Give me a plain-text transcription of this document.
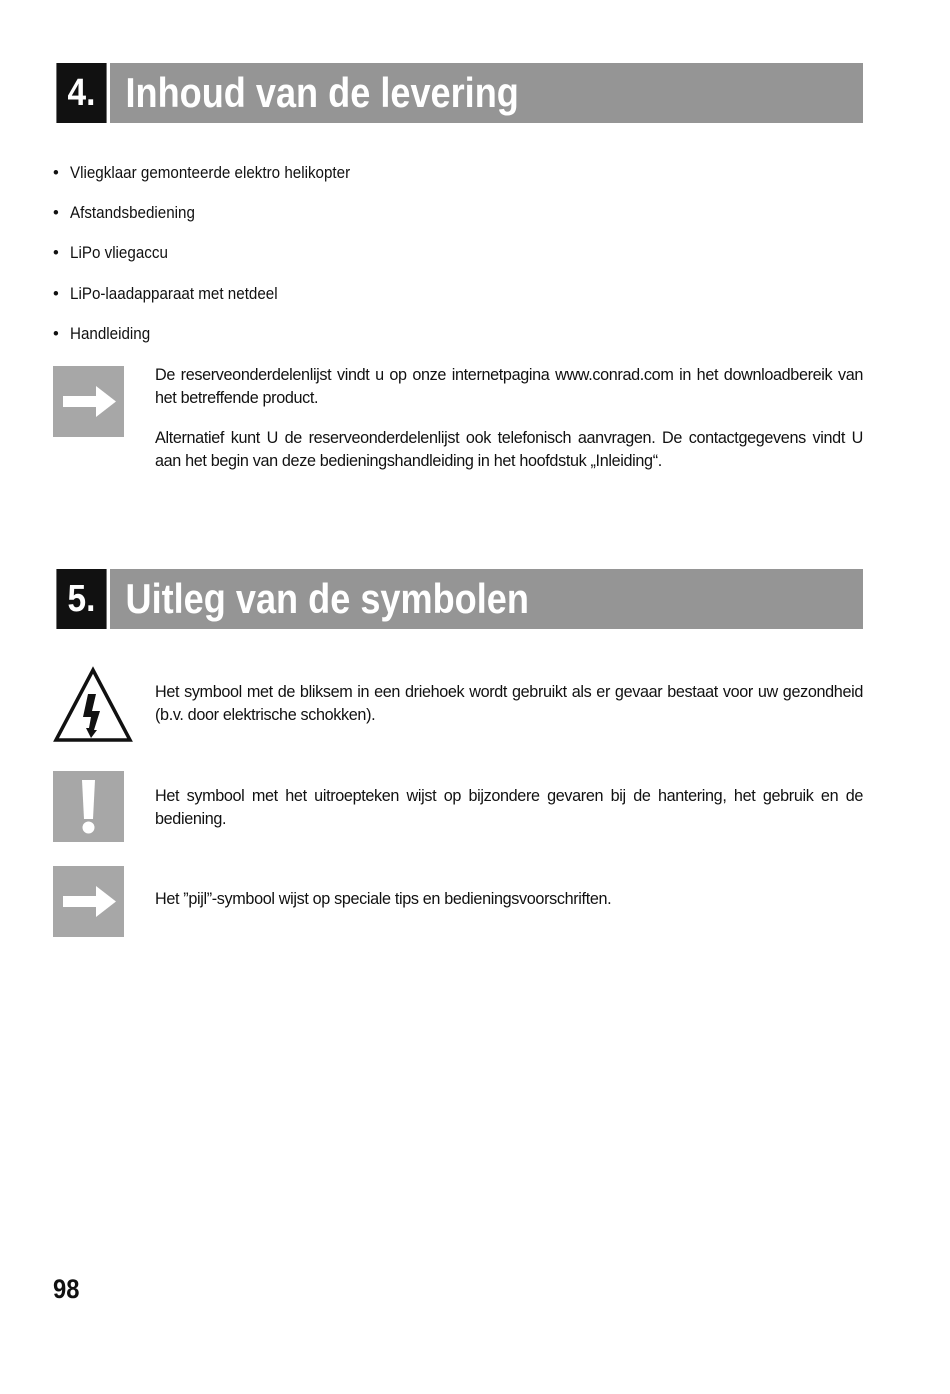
4. Inhoud van de levering
• Vliegklaar gemonteerde elektro helikopter
• Afstandsbediening
• LiPo vliegaccu
• LiPo-laadapparaat met netdeel
• Handleiding

De reserveonderdelenlijst vindt u op onze internetpagina www.conrad.com in het downloadbereik van het betreffende product.

Alternatief kunt U de reserveonderdelenlijst ook telefonisch aanvragen. De contactgegevens vindt U aan het begin van deze bedieningshandleiding in het hoofdstuk „Inleiding“.

5. Uitleg van de symbolen

Het symbool met de bliksem in een driehoek wordt gebruikt als er gevaar bestaat voor uw gezondheid (b.v. door elektrische schokken).

Het symbool met het uitroepteken wijst op bijzondere gevaren bij de hantering, het gebruik en de bediening.

Het ”pijl”-symbool wijst op speciale tips en bedieningsvoorschriften.

98
